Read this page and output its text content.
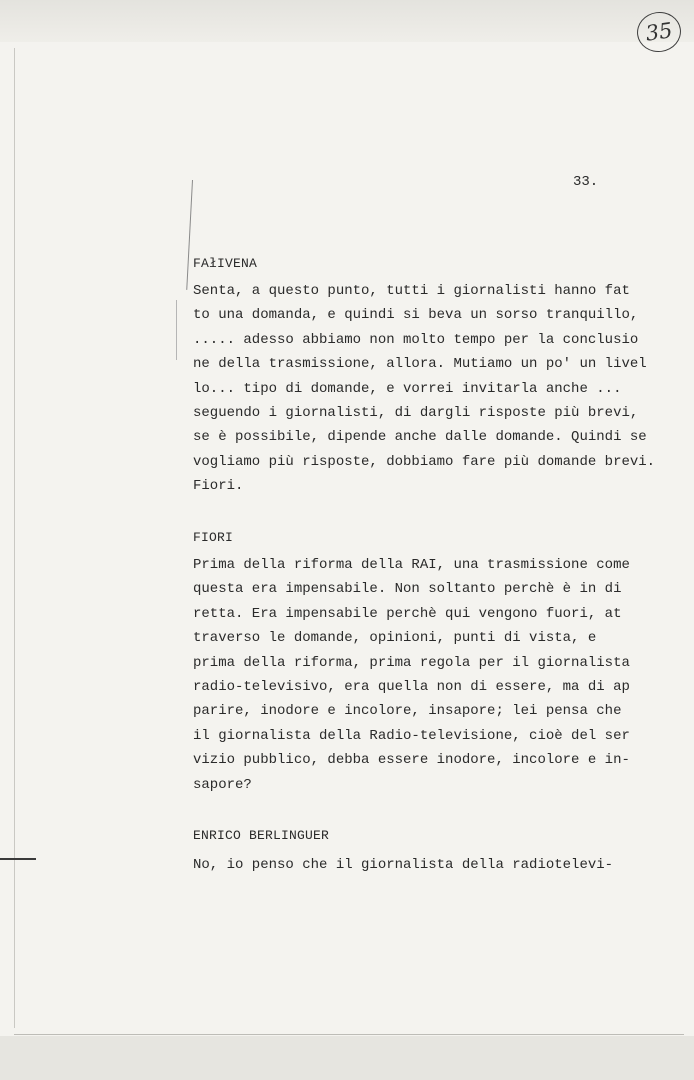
35
33.
FAłIVENA
Senta, a questo punto, tutti i giornalisti hanno fat
to una domanda, e quindi si beva un sorso tranquillo,
..... adesso abbiamo non molto tempo per la conclusio
ne della trasmissione, allora. Mutiamo un po' un livel
lo... tipo di domande, e vorrei invitarla anche ...
seguendo i giornalisti, di dargli risposte più brevi,
se è possibile, dipende anche dalle domande. Quindi se
vogliamo più risposte, dobbiamo fare più domande brevi.
Fiori.
FIORI
Prima della riforma della RAI, una trasmissione come
questa era impensabile. Non soltanto perchè è in di
retta. Era impensabile perchè qui vengono fuori, at
traverso le domande, opinioni, punti di vista, e
prima della riforma, prima regola per il giornalista
radio-televisivo, era quella non di essere, ma di ap
parire, inodore e incolore, insapore; lei pensa che
il giornalista della Radio-televisione, cioè del ser
vizio pubblico, debba essere inodore, incolore e in-
sapore?
ENRICO BERLINGUER
No, io penso che il giornalista della radiotelevi-
